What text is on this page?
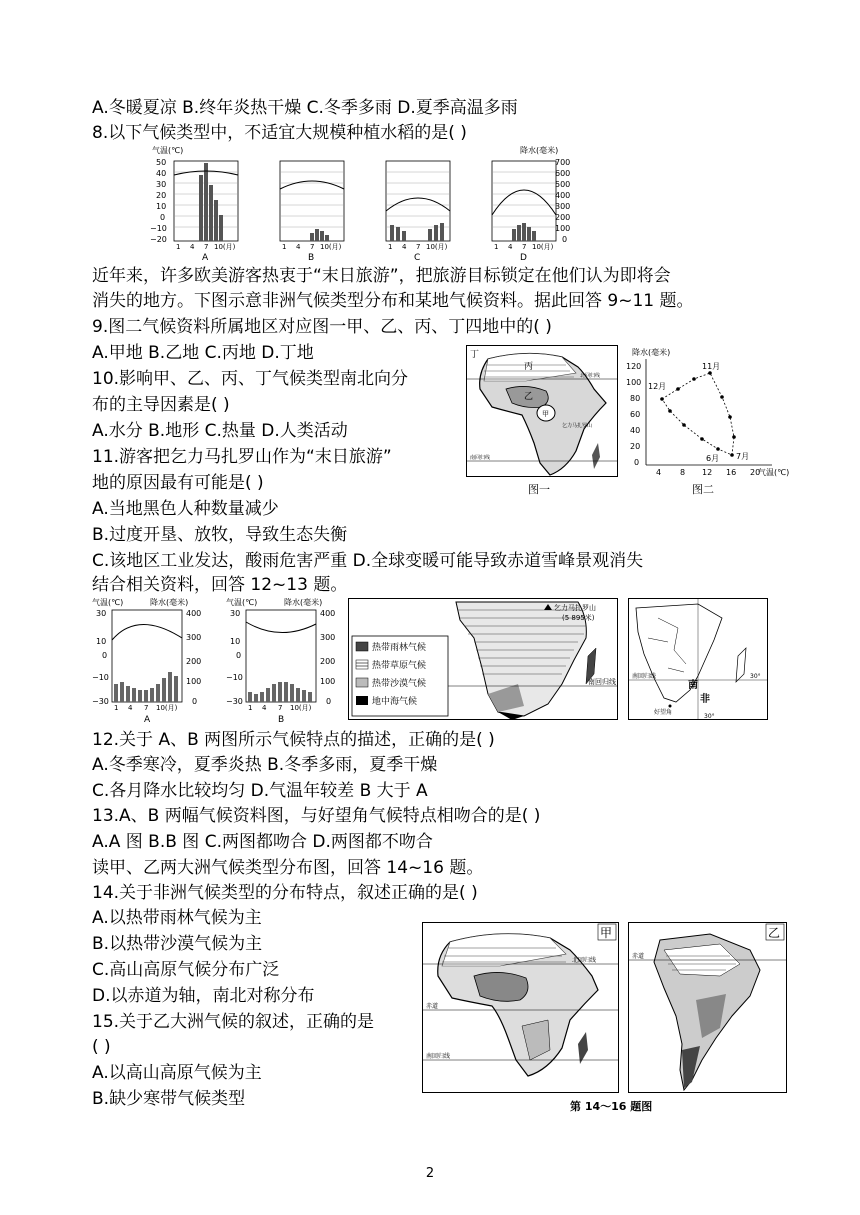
A.冬暖夏凉 B.终年炎热干燥 C.冬季多雨 D.夏季高温多雨
8.以下气候类型中，不适宜大规模种植水稻的是( )
气温(℃)	降水(毫米)
50
40
30
20
10
0
−10
−20
700
600
500
400
300
200
100
0
1 4 7 10(月)
A
1 4 7 10(月)
B
1 4 7 10(月)
C
1 4 7 10(月)
D
近年来，许多欧美游客热衷于“末日旅游”，把旅游目标锁定在他们认为即将会
消失的地方。下图示意非洲气候类型分布和某地气候资料。据此回答 9~11 题。
9.图二气候资料所属地区对应图一甲、乙、丙、丁四地中的( )
A.甲地 B.乙地 C.丙地 D.丁地
10.影响甲、乙、丙、丁气候类型南北向分
布的主导因素是( )
A.水分 B.地形 C.热量 D.人类活动
11.游客把乞力马扎罗山作为“末日旅游”
地的原因最有可能是( )
A.当地黑色人种数量减少
B.过度开垦、放牧，导致生态失衡
C.该地区工业发达，酸雨危害严重 D.全球变暖可能导致赤道雪峰景观消失
结合相关资料，回答 12~13 题。
丁
丙
乙
甲
北回归线
乞力马扎罗山
南回归线
图一
降水(毫米)
120
100
80
60
40
20
0
4 8 12 16 20
气温(℃)
11月
12月
6月 7月
图二
气温(℃)	降水(毫米)	气温(℃)	降水(毫米)
30
10
0
−10
−30
400
300
200
100
0
1 4 7 10(月)
A
30
10
0
−10
−30
400
300
200
100
0
1 4 7 10(月)
B
乞力马扎罗山
(5 895米)
南回归线
热带雨林气候
热带草原气候
热带沙漠气候
地中海气候
南回归线	30°
30°
好望角
南
非
12.关于 A、B 两图所示气候特点的描述，正确的是( )
A.冬季寒冷，夏季炎热 B.冬季多雨，夏季干燥
C.各月降水比较均匀 D.气温年较差 B 大于 A
13.A、B 两幅气候资料图，与好望角气候特点相吻合的是( )
A.A 图 B.B 图 C.两图都吻合 D.两图都不吻合
读甲、乙两大洲气候类型分布图，回答 14~16 题。
14.关于非洲气候类型的分布特点，叙述正确的是( )
A.以热带雨林气候为主
B.以热带沙漠气候为主
C.高山高原气候分布广泛
D.以赤道为轴，南北对称分布
15.关于乙大洲气候的叙述，正确的是
( )
A.以高山高原气候为主
B.缺少寒带气候类型
甲
北回归线
赤道
南回归线
乙
赤道
第 14～16 题图
2
